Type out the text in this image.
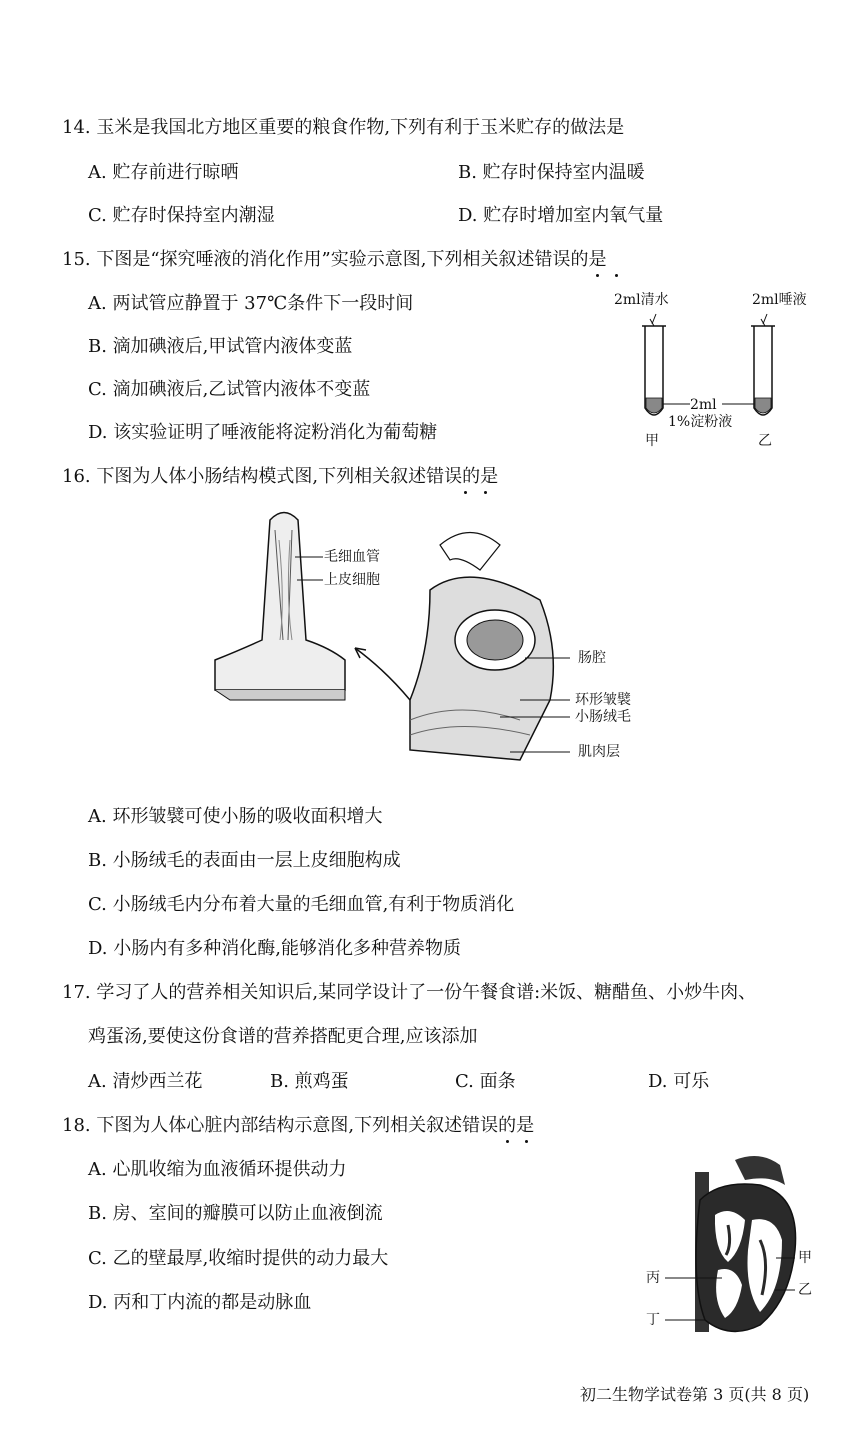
14. 玉米是我国北方地区重要的粮食作物,下列有利于玉米贮存的做法是
A. 贮存前进行晾晒	B. 贮存时保持室内温暖
C. 贮存时保持室内潮湿	D. 贮存时增加室内氧气量
15. 下图是“探究唾液的消化作用”实验示意图,下列相关叙述错误的是
A. 两试管应静置于 37℃条件下一段时间
B. 滴加碘液后,甲试管内液体变蓝
C. 滴加碘液后,乙试管内液体不变蓝
D. 该实验证明了唾液能将淀粉消化为葡萄糖
2ml清水	2ml唾液
2ml
1%淀粉液
甲	乙
16. 下图为人体小肠结构模式图,下列相关叙述错误的是
毛细血管
上皮细胞
肠腔
环形皱襞
小肠绒毛
肌肉层
A. 环形皱襞可使小肠的吸收面积增大
B. 小肠绒毛的表面由一层上皮细胞构成
C. 小肠绒毛内分布着大量的毛细血管,有利于物质消化
D. 小肠内有多种消化酶,能够消化多种营养物质
17. 学习了人的营养相关知识后,某同学设计了一份午餐食谱:米饭、糖醋鱼、小炒牛肉、
鸡蛋汤,要使这份食谱的营养搭配更合理,应该添加
A. 清炒西兰花	B. 煎鸡蛋	C. 面条	D. 可乐
18. 下图为人体心脏内部结构示意图,下列相关叙述错误的是
A. 心肌收缩为血液循环提供动力
B. 房、室间的瓣膜可以防止血液倒流
C. 乙的壁最厚,收缩时提供的动力最大
D. 丙和丁内流的都是动脉血
甲
乙
丙
丁
初二生物学试卷第 3 页(共 8 页)
